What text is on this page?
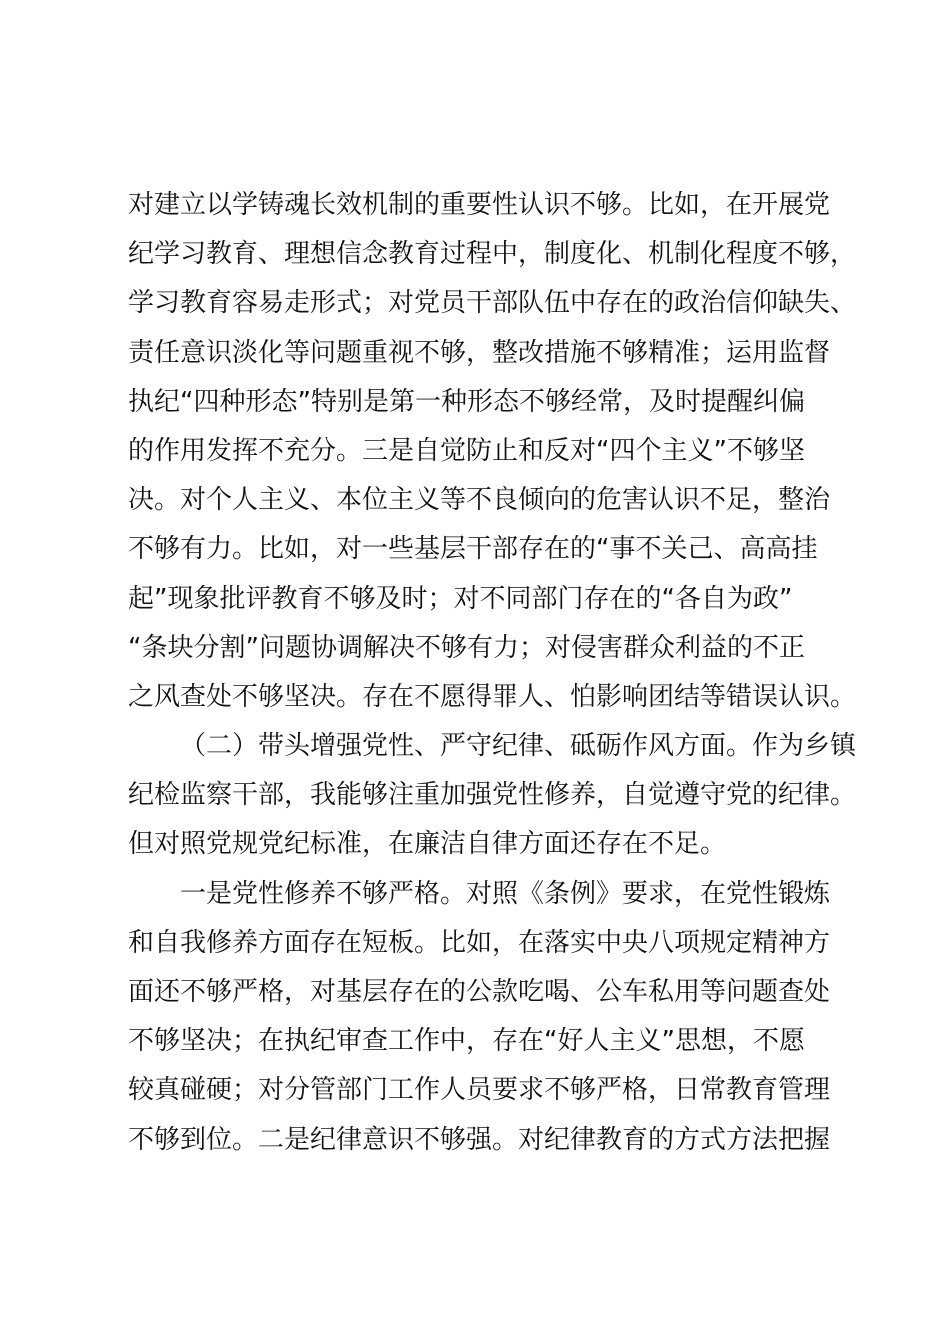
对建立以学铸魂长效机制的重要性认识不够。比如，在开展党
纪学习教育、理想信念教育过程中，制度化、机制化程度不够，
学习教育容易走形式；对党员干部队伍中存在的政治信仰缺失、
责任意识淡化等问题重视不够，整改措施不够精准；运用监督
执纪“四种形态”特别是第一种形态不够经常，及时提醒纠偏
的作用发挥不充分。三是自觉防止和反对“四个主义”不够坚
决。对个人主义、本位主义等不良倾向的危害认识不足，整治
不够有力。比如，对一些基层干部存在的“事不关己、高高挂
起”现象批评教育不够及时；对不同部门存在的“各自为政”
“条块分割”问题协调解决不够有力；对侵害群众利益的不正
之风查处不够坚决。存在不愿得罪人、怕影响团结等错误认识。
（二）带头增强党性、严守纪律、砥砺作风方面。作为乡镇
纪检监察干部，我能够注重加强党性修养，自觉遵守党的纪律。
但对照党规党纪标准，在廉洁自律方面还存在不足。
一是党性修养不够严格。对照《条例》要求，在党性锻炼
和自我修养方面存在短板。比如，在落实中央八项规定精神方
面还不够严格，对基层存在的公款吃喝、公车私用等问题查处
不够坚决；在执纪审查工作中，存在“好人主义”思想，不愿
较真碰硬；对分管部门工作人员要求不够严格，日常教育管理
不够到位。二是纪律意识不够强。对纪律教育的方式方法把握
